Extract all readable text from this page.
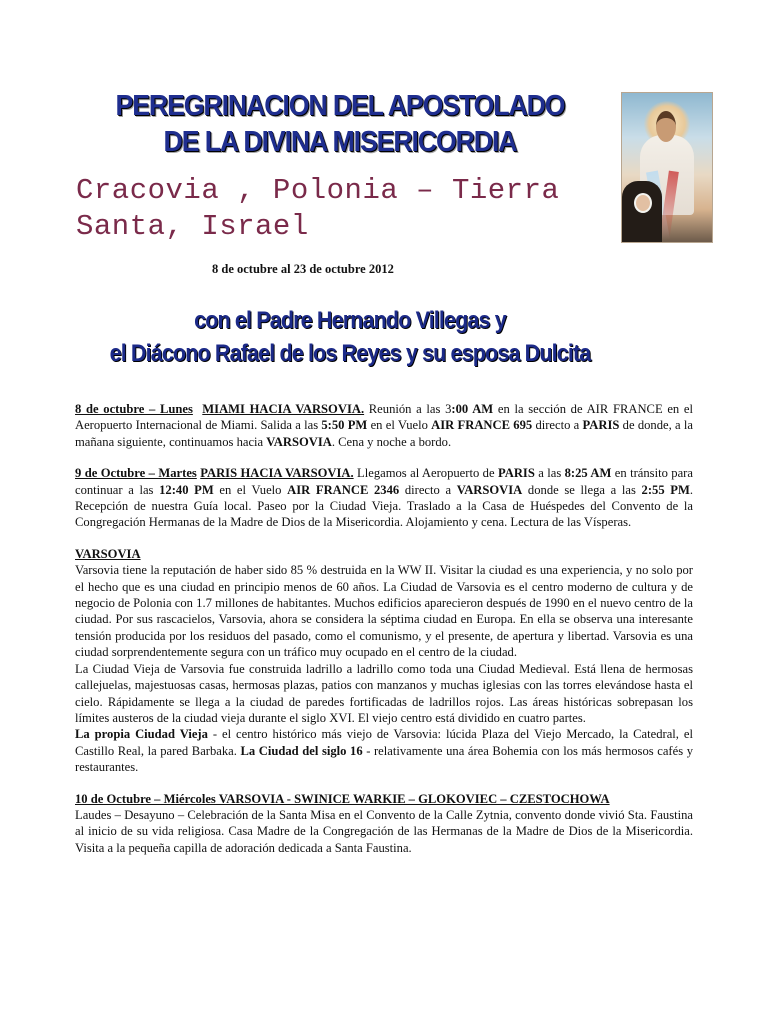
PEREGRINACION DEL APOSTOLADO
DE LA DIVINA MISERICORDIA
Cracovia , Polonia – Tierra
Santa, Israel
8 de octubre al 23 de octubre 2012
con el Padre Hernando Villegas y
el Diácono Rafael de los Reyes y su esposa Dulcita

8 de octubre – Lunes MIAMI HACIA VARSOVIA. Reunión a las 3:00 AM en la sección de AIR FRANCE en el Aeropuerto Internacional de Miami. Salida a las 5:50 PM en el Vuelo AIR FRANCE 695 directo a PARIS de donde, a la mañana siguiente, continuamos hacia VARSOVIA. Cena y noche a bordo.

9 de Octubre – Martes PARIS HACIA VARSOVIA. Llegamos al Aeropuerto de PARIS a las 8:25 AM en tránsito para continuar a las 12:40 PM en el Vuelo AIR FRANCE 2346 directo a VARSOVIA donde se llega a las 2:55 PM. Recepción de nuestra Guía local. Paseo por la Ciudad Vieja. Traslado a la Casa de Huéspedes del Convento de la Congregación Hermanas de la Madre de Dios de la Misericordia. Alojamiento y cena. Lectura de las Vísperas.

VARSOVIA

Varsovia tiene la reputación de haber sido 85 % destruida en la WW II. Visitar la ciudad es una experiencia, y no solo por el hecho que es una ciudad en principio menos de 60 años. La Ciudad de Varsovia es el centro moderno de cultura y de negocio de Polonia con 1.7 millones de habitantes. Muchos edificios aparecieron después de 1990 en el nuevo centro de la ciudad. Por sus rascacielos, Varsovia, ahora se considera la séptima ciudad en Europa. En ella se observa una interesante tensión producida por los residuos del pasado, como el comunismo, y el presente, de apertura y libertad. Varsovia es una ciudad sorprendentemente segura con un tráfico muy ocupado en el centro de la ciudad.

La Ciudad Vieja de Varsovia fue construida ladrillo a ladrillo como toda una Ciudad Medieval. Está llena de hermosas callejuelas, majestuosas casas, hermosas plazas, patios con manzanos y muchas iglesias con las torres elevándose hasta el cielo. Rápidamente se llega a la ciudad de paredes fortificadas de ladrillos rojos. Las áreas históricas sobrepasan los límites austeros de la ciudad vieja durante el siglo XVI. El viejo centro está dividido en cuatro partes.

La propia Ciudad Vieja - el centro histórico más viejo de Varsovia: lúcida Plaza del Viejo Mercado, la Catedral, el Castillo Real, la pared Barbaka. La Ciudad del siglo 16 - relativamente una área Bohemia con los más hermosos cafés y restaurantes.

10 de Octubre – Miércoles VARSOVIA - SWINICE WARKIE – GLOKOVIEC – CZESTOCHOWA

Laudes – Desayuno – Celebración de la Santa Misa en el Convento de la Calle Zytnia, convento donde vivió Sta. Faustina al inicio de su vida religiosa. Casa Madre de la Congregación de las Hermanas de la Madre de Dios de la Misericordia. Visita a la pequeña capilla de adoración dedicada a Santa Faustina.
